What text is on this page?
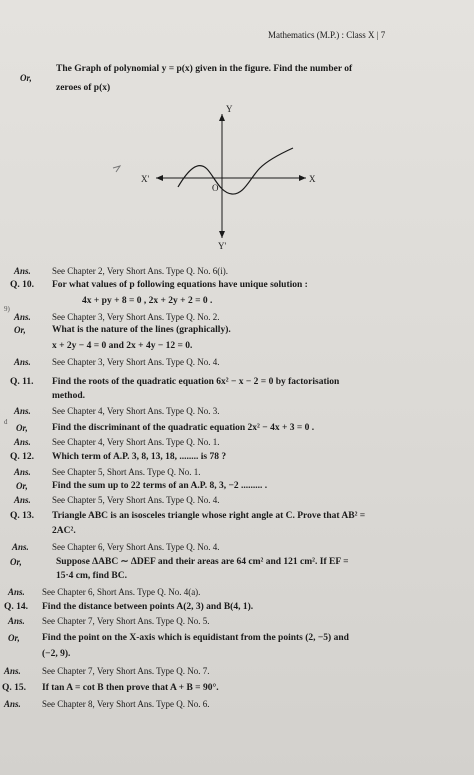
Mathematics (M.P.) : Class X | 7
Or,
The Graph of polynomial y = p(x) given in the figure. Find the number of
zeroes of p(x)
Y
X
X'
Y'
O
9)
d
Ans. See Chapter 2, Very Short Ans. Type Q. No. 6(i).
Q. 10. For what values of p following equations have unique solution :
4x + py + 8 = 0 , 2x + 2y + 2 = 0 .
Ans. See Chapter 3, Very Short Ans. Type Q. No. 2.
Or,	What is the nature of the lines (graphically).
x + 2y − 4 = 0 and 2x + 4y − 12 = 0.
Ans. See Chapter 3, Very Short Ans. Type Q. No. 4.
Q. 11. Find the roots of the quadratic equation 6x² − x − 2 = 0 by factorisation
method.
Ans. See Chapter 4, Very Short Ans. Type Q. No. 3.
Or,	Find the discriminant of the quadratic equation 2x² − 4x + 3 = 0 .
Ans. See Chapter 4, Very Short Ans. Type Q. No. 1.
Q. 12. Which term of A.P. 3, 8, 13, 18, ........ is 78 ?
Ans. See Chapter 5, Short Ans. Type Q. No. 1.
Or,	Find the sum up to 22 terms of an A.P. 8, 3, −2 ......... .
Ans. See Chapter 5, Very Short Ans. Type Q. No. 4.
Q. 13. Triangle ABC is an isosceles triangle whose right angle at C. Prove that AB² =
2AC².
Ans.	See Chapter 6, Very Short Ans. Type Q. No. 4.
Or,	Suppose ΔABC ∼ ΔDEF and their areas are 64 cm² and 121 cm². If EF =
15·4 cm, find BC.
Ans. See Chapter 6, Short Ans. Type Q. No. 4(a).
Q. 14. Find the distance between points A(2, 3) and B(4, 1).
Ans. See Chapter 7, Very Short Ans. Type Q. No. 5.
Or, Find the point on the X-axis which is equidistant from the points (2, −5) and
(−2, 9).
Ans. See Chapter 7, Very Short Ans. Type Q. No. 7.
Q. 15. If tan A = cot B then prove that A + B = 90°.
Ans. See Chapter 8, Very Short Ans. Type Q. No. 6.
